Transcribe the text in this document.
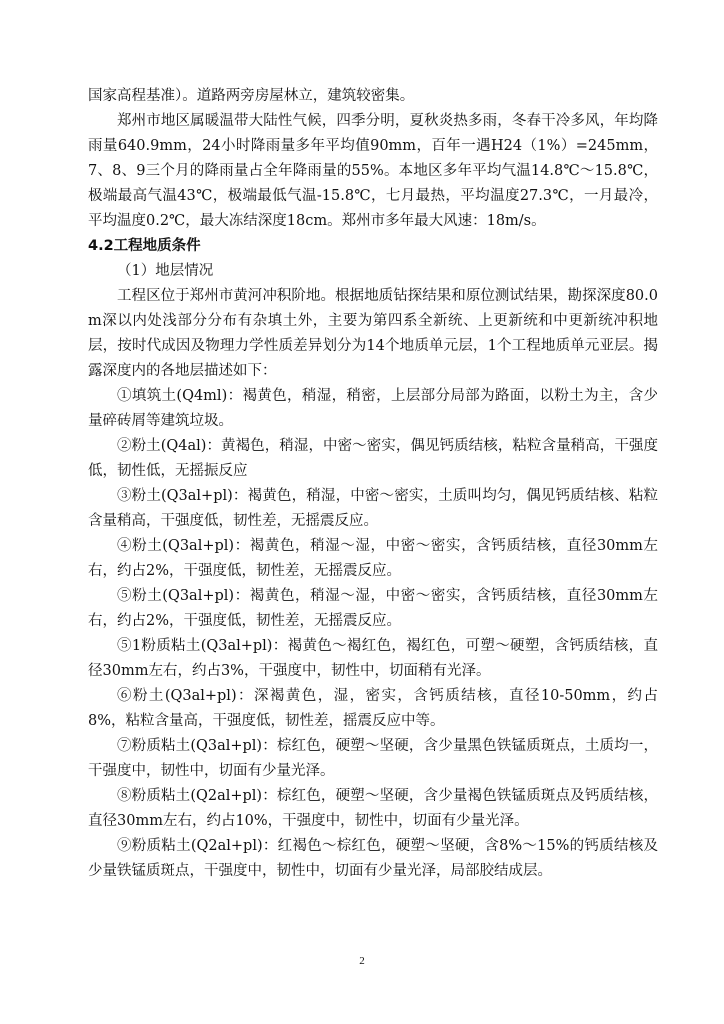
国家高程基准）。道路两旁房屋林立，建筑较密集。

郑州市地区属暖温带大陆性气候，四季分明，夏秋炎热多雨，冬春干冷多风，年均降雨量640.9mm，24小时降雨量多年平均值90mm，百年一遇H24（1%）=245mm，7、8、9三个月的降雨量占全年降雨量的55%。本地区多年平均气温14.8℃～15.8℃，极端最高气温43℃，极端最低气温-15.8℃，七月最热，平均温度27.3℃，一月最冷，平均温度0.2℃，最大冻结深度18cm。郑州市多年最大风速：18m/s。

4.2工程地质条件

（1）地层情况

工程区位于郑州市黄河冲积阶地。根据地质钻探结果和原位测试结果，勘探深度80.0m深以内处浅部分分布有杂填土外，主要为第四系全新统、上更新统和中更新统冲积地层，按时代成因及物理力学性质差异划分为14个地质单元层，1个工程地质单元亚层。揭露深度内的各地层描述如下：

①填筑土(Q4ml)：褐黄色，稍湿，稍密，上层部分局部为路面，以粉土为主，含少量碎砖屑等建筑垃圾。

②粉土(Q4al)：黄褐色，稍湿，中密～密实，偶见钙质结核，粘粒含量稍高，干强度低，韧性低，无摇振反应

③粉土(Q3al+pl)：褐黄色，稍湿，中密～密实，土质叫均匀，偶见钙质结核、粘粒含量稍高，干强度低，韧性差，无摇震反应。

④粉土(Q3al+pl)：褐黄色，稍湿～湿，中密～密实，含钙质结核，直径30mm左右，约占2%，干强度低，韧性差，无摇震反应。

⑤粉土(Q3al+pl)：褐黄色，稍湿～湿，中密～密实，含钙质结核，直径30mm左右，约占2%，干强度低，韧性差，无摇震反应。

⑤1粉质粘土(Q3al+pl)：褐黄色～褐红色，褐红色，可塑～硬塑，含钙质结核，直径30mm左右，约占3%，干强度中，韧性中，切面稍有光泽。

⑥粉土(Q3al+pl)：深褐黄色，湿，密实，含钙质结核，直径10-50mm，约占8%，粘粒含量高，干强度低，韧性差，摇震反应中等。

⑦粉质粘土(Q3al+pl)：棕红色，硬塑～坚硬，含少量黑色铁锰质斑点，土质均一，干强度中，韧性中，切面有少量光泽。

⑧粉质粘土(Q2al+pl)：棕红色，硬塑～坚硬，含少量褐色铁锰质斑点及钙质结核，直径30mm左右，约占10%，干强度中，韧性中，切面有少量光泽。

⑨粉质粘土(Q2al+pl)：红褐色～棕红色，硬塑～坚硬，含8%～15%的钙质结核及少量铁锰质斑点，干强度中，韧性中，切面有少量光泽，局部胶结成层。

2
